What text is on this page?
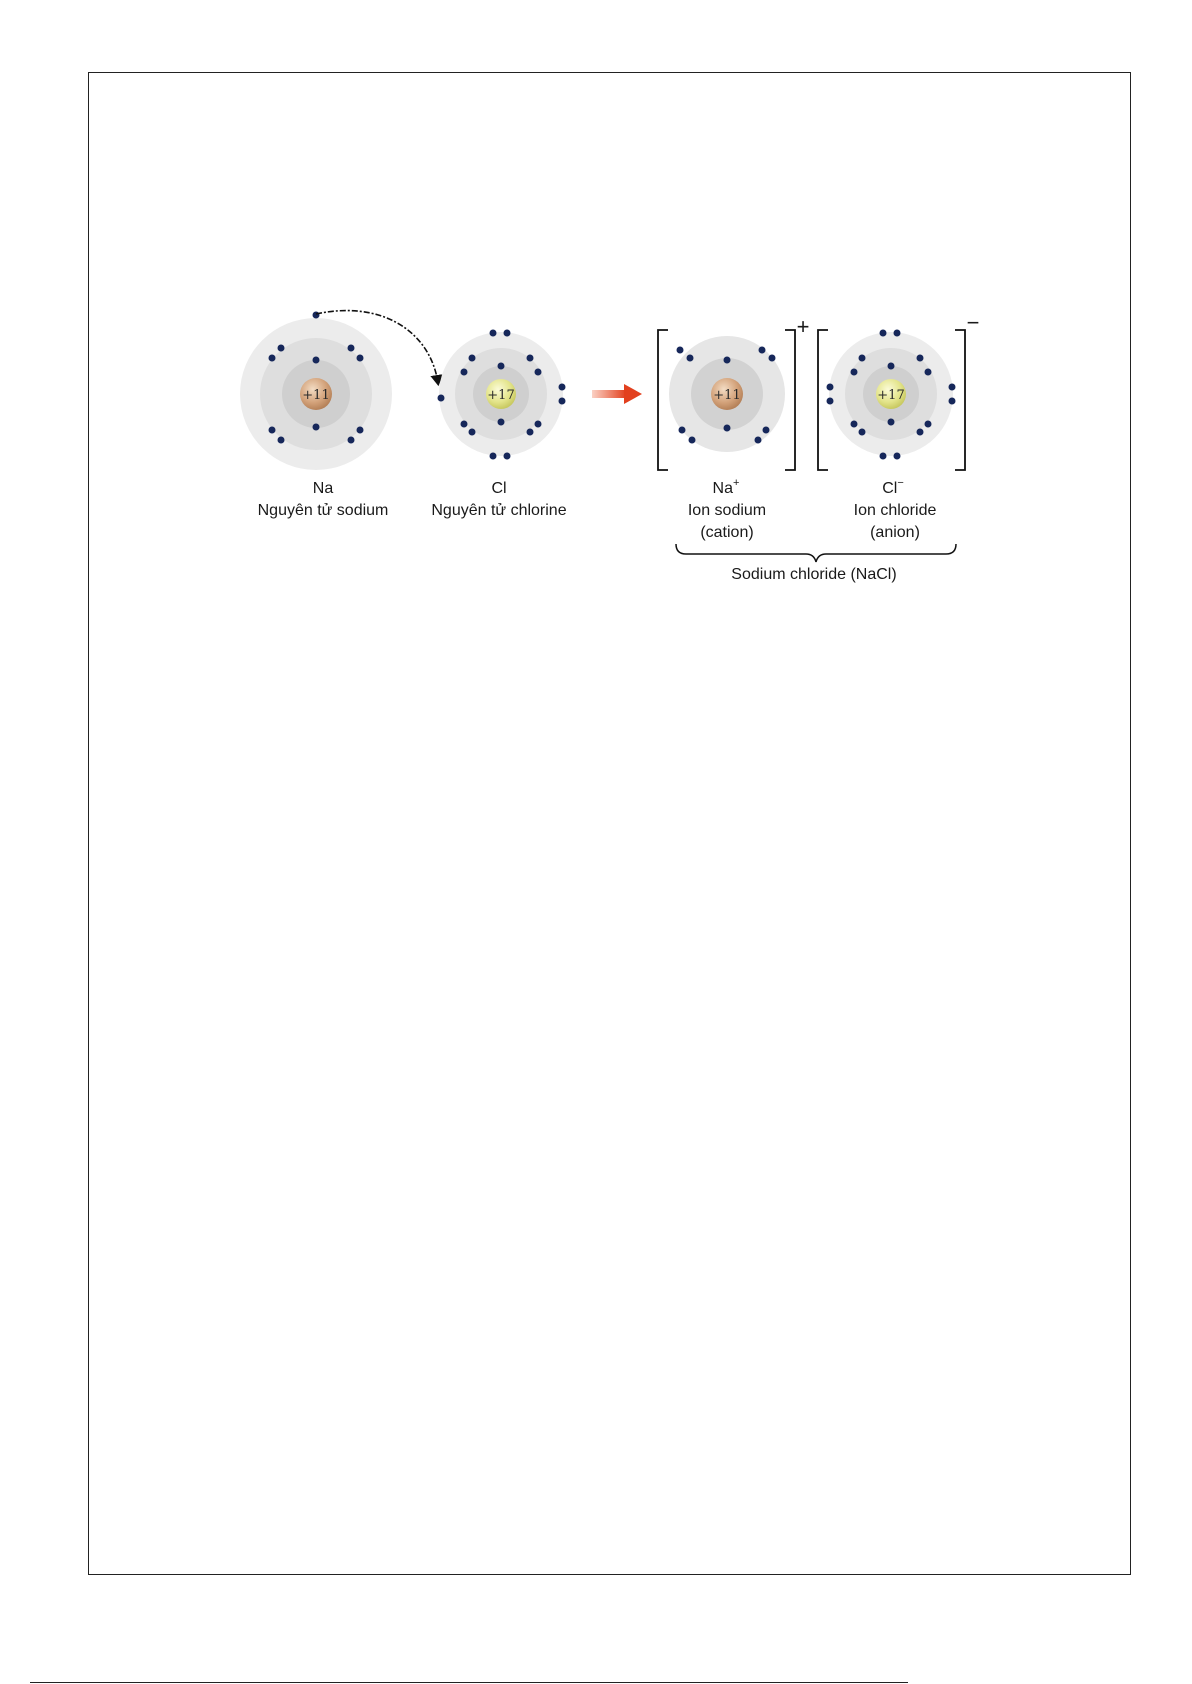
+11
Na
Nguyên tử sodium
+17
Cl
Nguyên tử chlorine
+
+11
Na+
Ion sodium
(cation)
−
+17
Cl−
Ion chloride
(anion)
Sodium chloride (NaCl)
